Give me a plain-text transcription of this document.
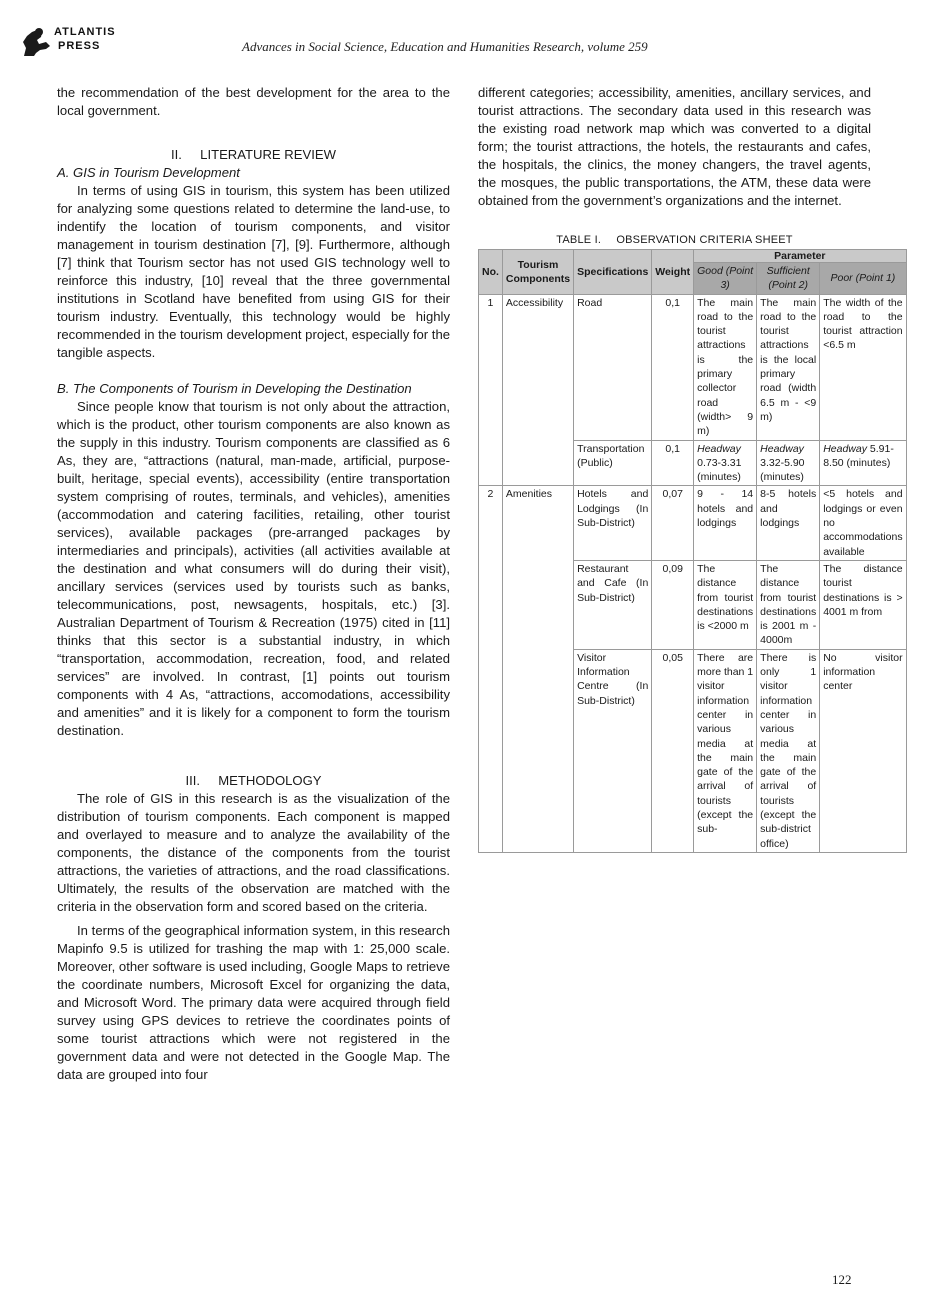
ATLANTIS
PRESS	Advances in Social Science, Education and Humanities Research, volume 259

the recommendation of the best development for the area to the local government.

II. LITERATURE REVIEW

A. GIS in Tourism Development

In terms of using GIS in tourism, this system has been utilized for analyzing some questions related to determine the land-use, to indentify the location of tourism components, and visitor management in tourism destination [7], [9]. Furthermore, although [7] think that Tourism sector has not used GIS technology well to reinforce this industry, [10] reveal that the three governmental institutions in Scotland have benefited from using GIS for their tourism industry. Eventually, this technology would be highly recommended in the tourism development project, especially for the tangible aspects.

B. The Components of Tourism in Developing the Destination

Since people know that tourism is not only about the attraction, which is the product, other tourism components are also known as the supply in this industry. Tourism components are classified as 6 As, they are, “attractions (natural, man-made, artificial, purpose-built, heritage, special events), accessibility (entire transportation system comprising of routes, terminals, and vehicles), amenities (accommodation and catering facilities, retailing, other tourist services), available packages (pre-arranged packages by intermediaries and principals), activities (all activities available at the destination and what consumers will do during their visit), ancillary services (services used by tourists such as banks, telecommunications, post, newsagents, hospitals, etc.) [3]. Australian Department of Tourism & Recreation (1975) cited in [11] thinks that this sector is a substantial industry, in which “transportation, accommodation, recreation, food, and related services” are involved. In contrast, [1] points out tourism components with 4 As, “attractions, accomodations, accessibility and amenities” and it is likely for a component to form the tourism destination.

III. METHODOLOGY

The role of GIS in this research is as the visualization of the distribution of tourism components. Each component is mapped and overlayed to measure and to analyze the availability of the components, the distance of the components from the tourist attractions, the varieties of attractions, and the road classifications. Ultimately, the results of the observation are matched with the criteria in the observation form and scored based on the criteria.

In terms of the geographical information system, in this research Mapinfo 9.5 is utilized for trashing the map with 1: 25,000 scale. Moreover, other software is used including, Google Maps to retrieve the coordinate numbers, Microsoft Excel for organizing the data, and Microsoft Word. The primary data were acquired through field survey using GPS devices to retrieve the coordinates points of some tourist attractions which were not registered in the government data and were not detected in the Google Map. The data are grouped into four

different categories; accessibility, amenities, ancillary services, and tourist attractions. The secondary data used in this research was the existing road network map which was converted to a digital form; the tourist attractions, the hotels, the restaurants and cafes, the hospitals, the clinics, the money changers, the travel agents, the mosques, the public transportations, the ATM, these data were obtained from the government’s organizations and the internet.

TABLE I. OBSERVATION CRITERIA SHEET
No.	Tourism Components	Specifications	Weight	Parameter		
				Good (Point 3)	Sufficient (Point 2)	Poor (Point 1)
1	Accessibility	Road	0,1	The main road to the tourist attractions is the primary collector road (width> 9 m)	The main road to the tourist attractions is the local primary road (width 6.5 m - <9 m)	The width of the road to the tourist attraction <6.5 m
		Transportation (Public)	0,1	Headway 0.73-3.31 (minutes)	Headway 3.32-5.90 (minutes)	Headway 5.91-8.50 (minutes)
2	Amenities	Hotels and Lodgings (In Sub-District)	0,07	9 - 14 hotels and lodgings	8-5 hotels and lodgings	<5 hotels and lodgings or even no accommodations available
		Restaurant and Cafe (In Sub-District)	0,09	The distance from tourist destinations is <2000 m	The distance from tourist destinations is 2001 m - 4000m	The distance tourist destinations is > 4001 m from
		Visitor Information Centre (In Sub-District)	0,05	There are more than 1 visitor information center in various media at the main gate of the arrival of tourists (except the sub-	There is only 1 visitor information center in various media at the main gate of the arrival of tourists (except the sub-district office)	No visitor information center
122
